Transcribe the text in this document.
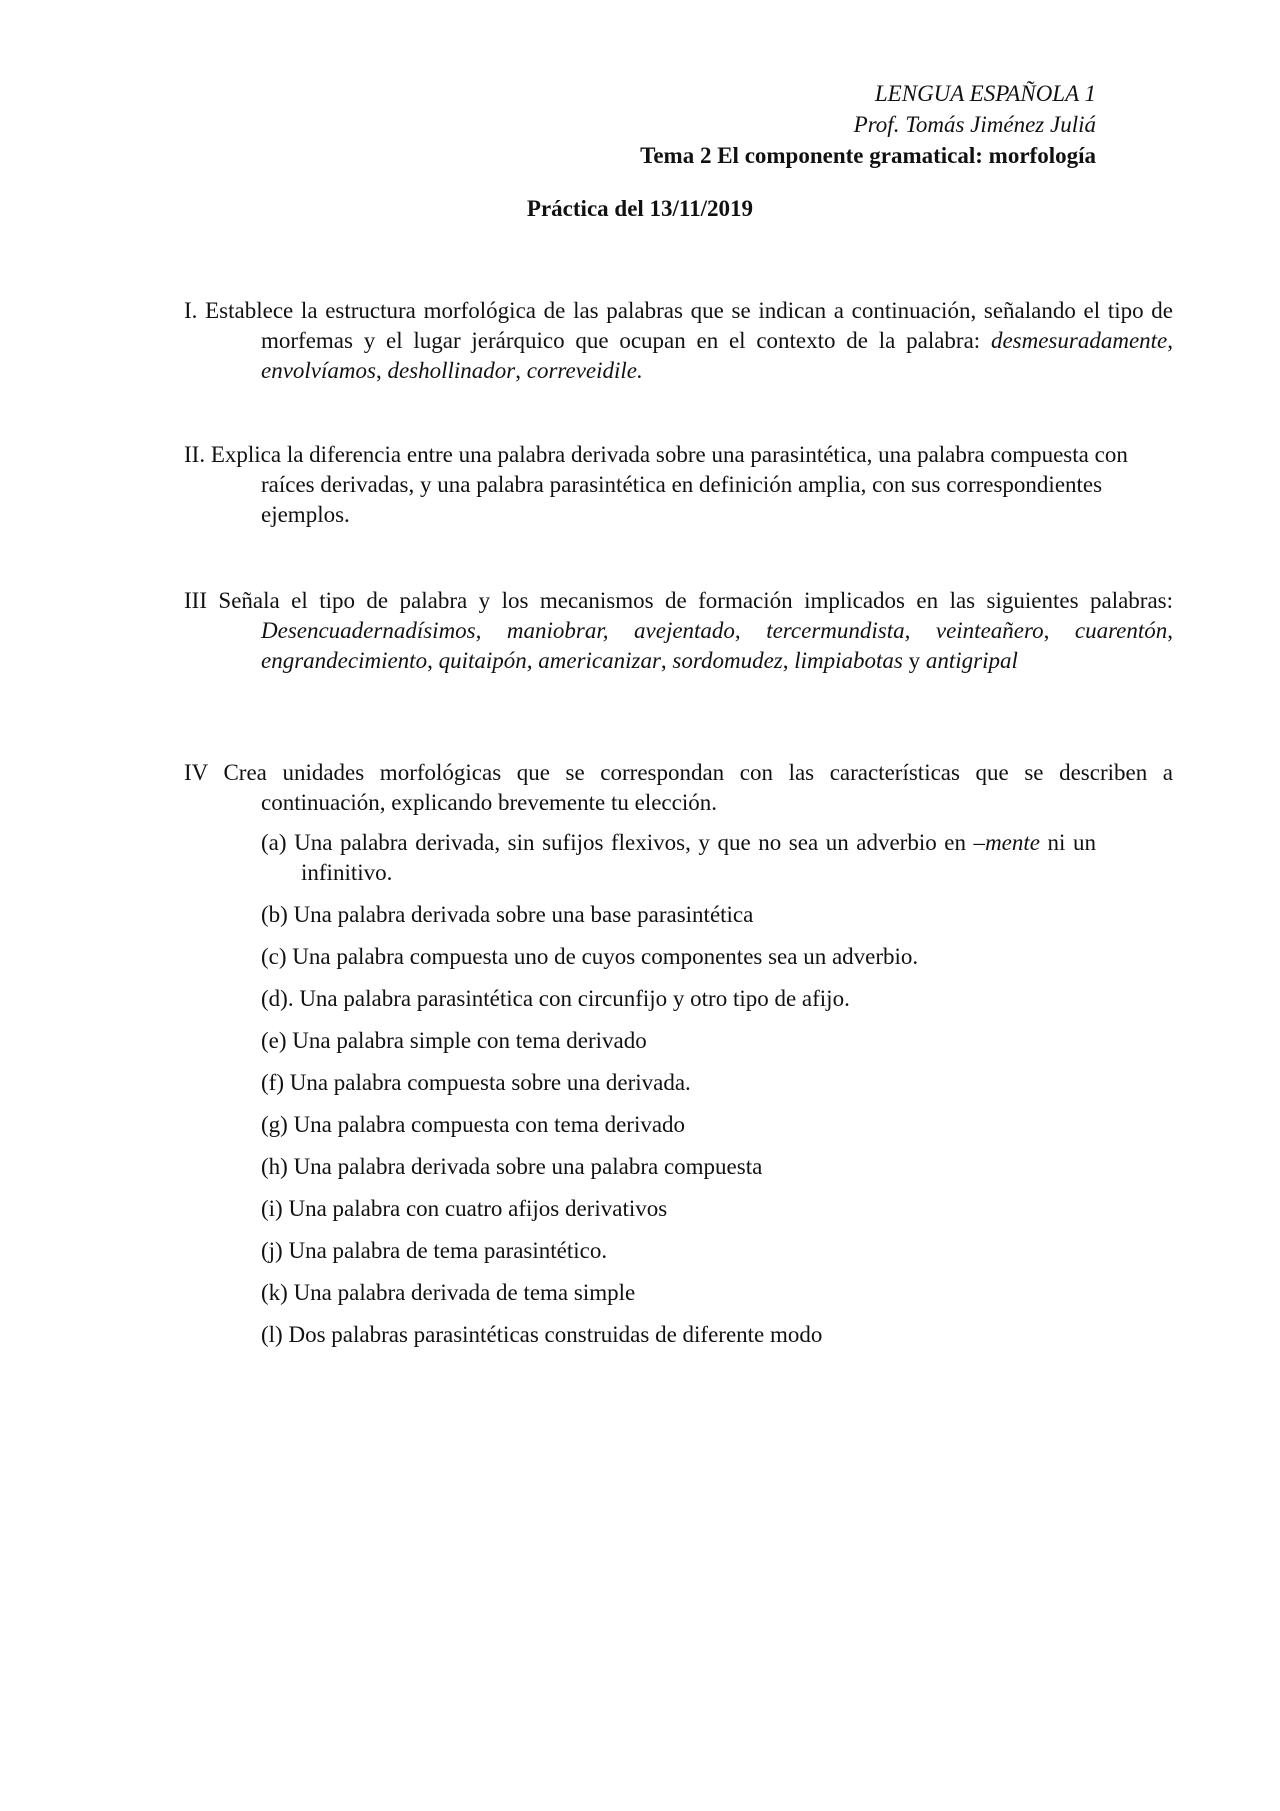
LENGUA ESPAÑOLA 1
Prof. Tomás Jiménez Juliá
Tema 2 El componente gramatical: morfología
Práctica del 13/11/2019
I. Establece la estructura morfológica de las palabras que se indican a continuación, señalando el tipo de morfemas y el lugar jerárquico que ocupan en el contexto de la palabra: desmesuradamente, envolvíamos, deshollinador, correveidile.
II. Explica la diferencia entre una palabra derivada sobre una parasintética, una palabra compuesta con raíces derivadas, y una palabra parasintética en definición amplia, con sus correspondientes ejemplos.
III Señala el tipo de palabra y los mecanismos de formación implicados en las siguientes palabras: Desencuadernadísimos, maniobrar, avejentado, tercermundista, veinteañero, cuarentón, engrandecimiento, quitaipón, americanizar, sordomudez, limpiabotas y antigripal
IV Crea unidades morfológicas que se correspondan con las características que se describen a continuación, explicando brevemente tu elección.
(a) Una palabra derivada, sin sufijos flexivos, y que no sea un adverbio en –mente ni un infinitivo.
(b) Una palabra derivada sobre una base parasintética
(c) Una palabra compuesta uno de cuyos componentes sea un adverbio.
(d). Una palabra parasintética con circunfijo y otro tipo de afijo.
(e) Una palabra simple con tema derivado
(f) Una palabra compuesta sobre una derivada.
(g) Una palabra compuesta con tema derivado
(h) Una palabra derivada sobre una palabra compuesta
(i) Una palabra con cuatro afijos derivativos
(j) Una palabra de tema parasintético.
(k) Una palabra derivada de tema simple
(l) Dos palabras parasintéticas construidas de diferente modo
